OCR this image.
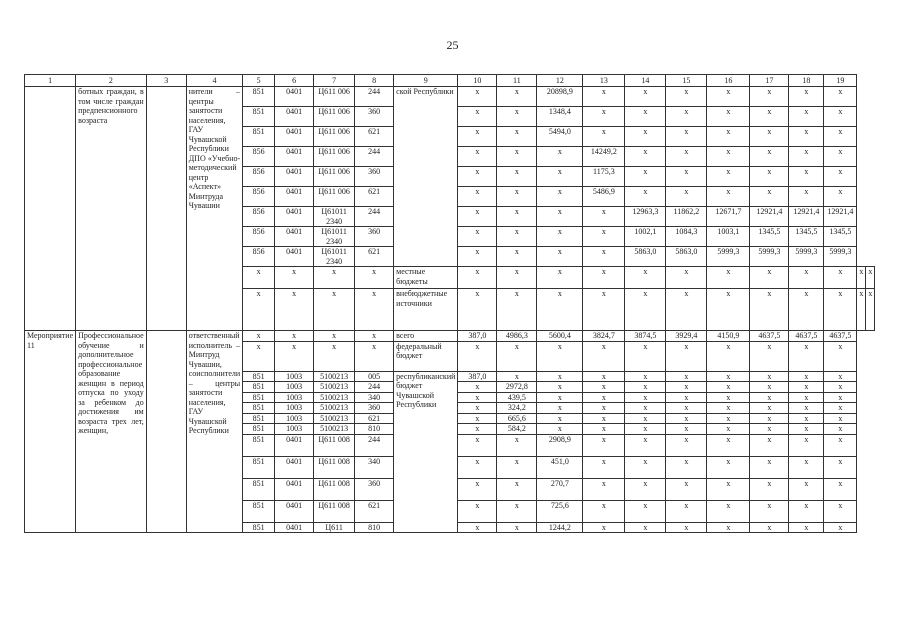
25
1	2	3	4	5	6	7	8	9	10	11	12	13	14	15	16	17	18	19		
	ботных граждан, в том числе граждан предпенсионного возраста		нители – центры занятости населения, ГАУ Чувашской Республики ДПО «Учебно-методический центр «Аспект» Минтруда Чувашии	851	0401	Ц611 006	244	ской Республики	х	х	20898,9	х	х	х	х	х	х	х		
				851	0401	Ц611 006	360		х	х	1348,4	х	х	х	х	х	х	х		
				851	0401	Ц611 006	621		х	х	5494,0	х	х	х	х	х	х	х		
				856	0401	Ц611 006	244		х	х	х	14249,2	х	х	х	х	х	х		
				856	0401	Ц611 006	360		х	х	х	1175,3	х	х	х	х	х	х		
				856	0401	Ц611 006	621		х	х	х	5486,9	х	х	х	х	х	х		
				856	0401	Ц61011 2340	244		х	х	х	х	12963,3	11862,2	12671,7	12921,4	12921,4	12921,4		
				856	0401	Ц61011 2340	360		х	х	х	х	1002,1	1084,3	1003,1	1345,5	1345,5	1345,5		
				856	0401	Ц61011 2340	621		х	х	х	х	5863,0	5863,0	5999,3	5999,3	5999,3	5999,3		
				х	х	х	х	местные бюджеты	х	х	х	х	х	х	х	х	х	х	х	х
				х	х	х	х	внебюджетные источники	х	х	х	х	х	х	х	х	х	х	х	х
Мероприятие 11	Профессиональное обучение и дополнительное профессиональное образование женщин в период отпуска по уходу за ребенком до достижения им возраста трех лет, женщин,		ответственный исполнитель – Минтруд Чувашии, соисполнители – центры занятости населения, ГАУ Чувашской Республики	х	х	х	х	всего	387,0	4986,3	5600,4	3824,7	3874,5	3929,4	4150,9	4637,5	4637,5	4637,5		
				х	х	х	х	федеральный бюджет	х	х	х	х	х	х	х	х	х	х		
				851	1003	5100213	005	республиканский бюджет Чувашской Республики	387,0	х	х	х	х	х	х	х	х	х		
				851	1003	5100213	244		х	2972,8	х	х	х	х	х	х	х	х		
				851	1003	5100213	340		х	439,5	х	х	х	х	х	х	х	х		
				851	1003	5100213	360		х	324,2	х	х	х	х	х	х	х	х		
				851	1003	5100213	621		х	665,6	х	х	х	х	х	х	х	х		
				851	1003	5100213	810		х	584,2	х	х	х	х	х	х	х	х		
				851	0401	Ц611 008	244		х	х	2908,9	х	х	х	х	х	х	х		
				851	0401	Ц611 008	340		х	х	451,0	х	х	х	х	х	х	х		
				851	0401	Ц611 008	360		х	х	270,7	х	х	х	х	х	х	х		
				851	0401	Ц611 008	621		х	х	725,6	х	х	х	х	х	х	х		
				851	0401	Ц611	810		х	х	1244,2	х	х	х	х	х	х	х		
